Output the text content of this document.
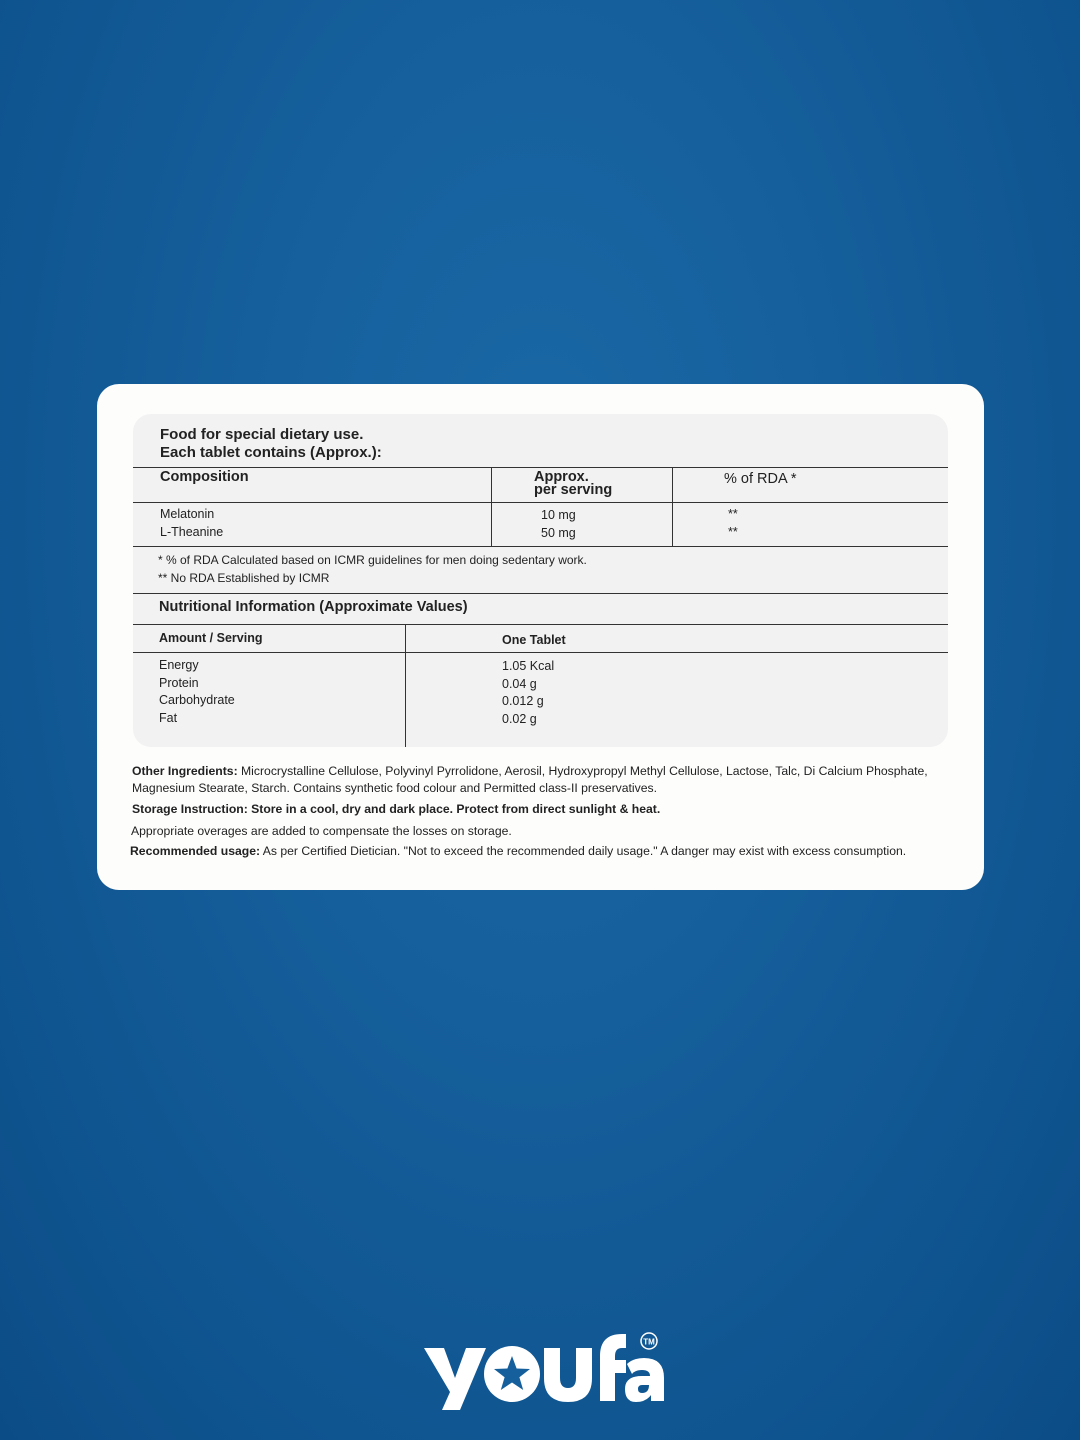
Food for special dietary use.
Each tablet contains (Approx.):
Composition	Approx.
per serving
% of RDA *
Melatonin
L-Theanine
10 mg
50 mg
**
**
* % of RDA Calculated based on ICMR guidelines for men doing sedentary work.
** No RDA Established by ICMR
Nutritional Information (Approximate Values)
Amount / Serving	One Tablet
Energy
Protein
Carbohydrate
Fat
1.05 Kcal
0.04 g
0.012 g
0.02 g
Other Ingredients: Microcrystalline Cellulose, Polyvinyl Pyrrolidone, Aerosil, Hydroxypropyl Methyl Cellulose, Lactose, Talc, Di Calcium Phosphate,
Magnesium Stearate, Starch. Contains synthetic food colour and Permitted class-II preservatives.
Storage Instruction: Store in a cool, dry and dark place. Protect from direct sunlight & heat.
Appropriate overages are added to compensate the losses on storage.
Recommended usage: As per Certified Dietician. "Not to exceed the recommended daily usage." A danger may exist with excess consumption.
TM
